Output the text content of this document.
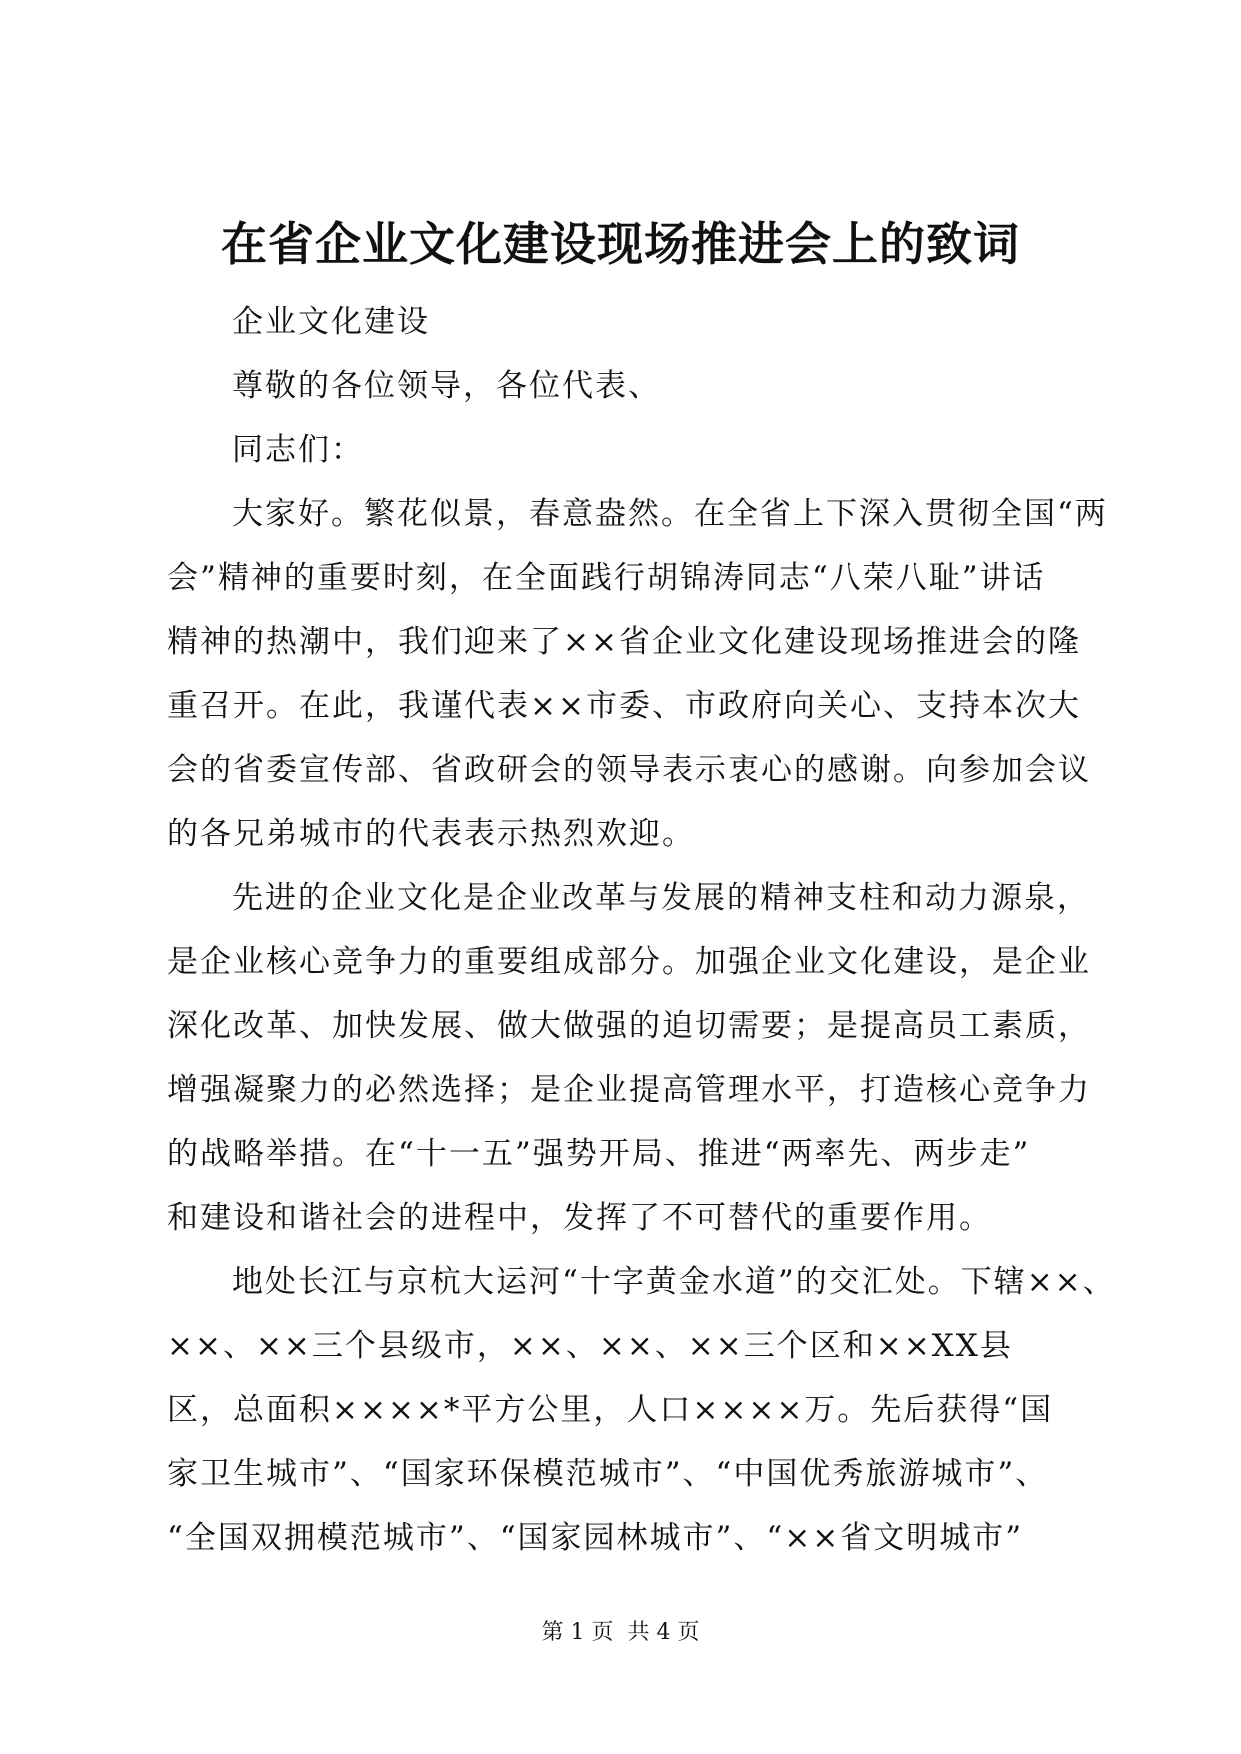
在省企业文化建设现场推进会上的致词

企业文化建设

尊敬的各位领导，各位代表、

同志们：

大家好。繁花似景，春意盎然。在全省上下深入贯彻全国“两

会”精神的重要时刻，在全面践行胡锦涛同志“八荣八耻”讲话

精神的热潮中，我们迎来了××省企业文化建设现场推进会的隆

重召开。在此，我谨代表××市委、市政府向关心、支持本次大

会的省委宣传部、省政研会的领导表示衷心的感谢。向参加会议

的各兄弟城市的代表表示热烈欢迎。

先进的企业文化是企业改革与发展的精神支柱和动力源泉，

是企业核心竞争力的重要组成部分。加强企业文化建设，是企业

深化改革、加快发展、做大做强的迫切需要；是提高员工素质，

增强凝聚力的必然选择；是企业提高管理水平，打造核心竞争力

的战略举措。在“十一五”强势开局、推进“两率先、两步走”

和建设和谐社会的进程中，发挥了不可替代的重要作用。

地处长江与京杭大运河“十字黄金水道”的交汇处。下辖××、

××、××三个县级市，××、××、××三个区和××XX县

区，总面积××××*平方公里，人口××××万。先后获得“国

家卫生城市”、“国家环保模范城市”、“中国优秀旅游城市”、

“全国双拥模范城市”、“国家园林城市”、“××省文明城市”

第 1 页  共 4 页
